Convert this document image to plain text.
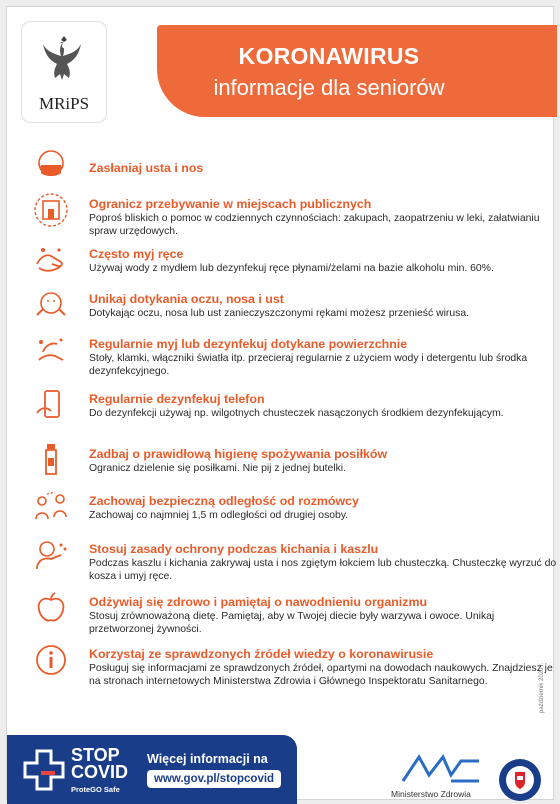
MRiPS
KORONAWIRUS
informacje dla seniorów
Zasłaniaj usta i nos
Ogranicz przebywanie w miejscach publicznych
Poproś bliskich o pomoc w codziennych czynnościach: zakupach, zaopatrzeniu w leki, załatwianiu spraw urzędowych.
Często myj ręce
Używaj wody z mydłem lub dezynfekuj ręce płynami/żelami na bazie alkoholu min. 60%.
Unikaj dotykania oczu, nosa i ust
Dotykając oczu, nosa lub ust zanieczyszczonymi rękami możesz przenieść wirusa.
Regularnie myj lub dezynfekuj dotykane powierzchnie
Stoły, klamki, włączniki światła itp. przecieraj regularnie z użyciem wody i detergentu lub środka dezynfekcyjnego.
Regularnie dezynfekuj telefon
Do dezynfekcji używaj np. wilgotnych chusteczek nasączonych środkiem dezynfekującym.
Zadbaj o prawidłową higienę spożywania posiłków
Ogranicz dzielenie się posiłkami. Nie pij z jednej butelki.
Zachowaj bezpieczną odległość od rozmówcy
Zachowaj co najmniej 1,5 m odległości od drugiej osoby.
Stosuj zasady ochrony podczas kichania i kaszlu
Podczas kaszlu i kichania zakrywaj usta i nos zgiętym łokciem lub chusteczką. Chusteczkę wyrzuć do kosza i umyj ręce.
Odżywiaj się zdrowo i pamiętaj o nawodnieniu organizmu
Stosuj zrównoważoną dietę. Pamiętaj, aby w Twojej diecie były warzywa i owoce. Unikaj przetworzonej żywności.
Korzystaj ze sprawdzonych źródeł wiedzy o koronawirusie
Posługuj się informacjami ze sprawdzonych źródeł, opartymi na dowodach naukowych. Znajdziesz je na stronach internetowych Ministerstwa Zdrowia i Głównego Inspektoratu Sanitarnego.	październik 2020 r.
STOP
COVID
ProteGO Safe
Więcej informacji na
www.gov.pl/stopcovid
Ministerstwo Zdrowia
